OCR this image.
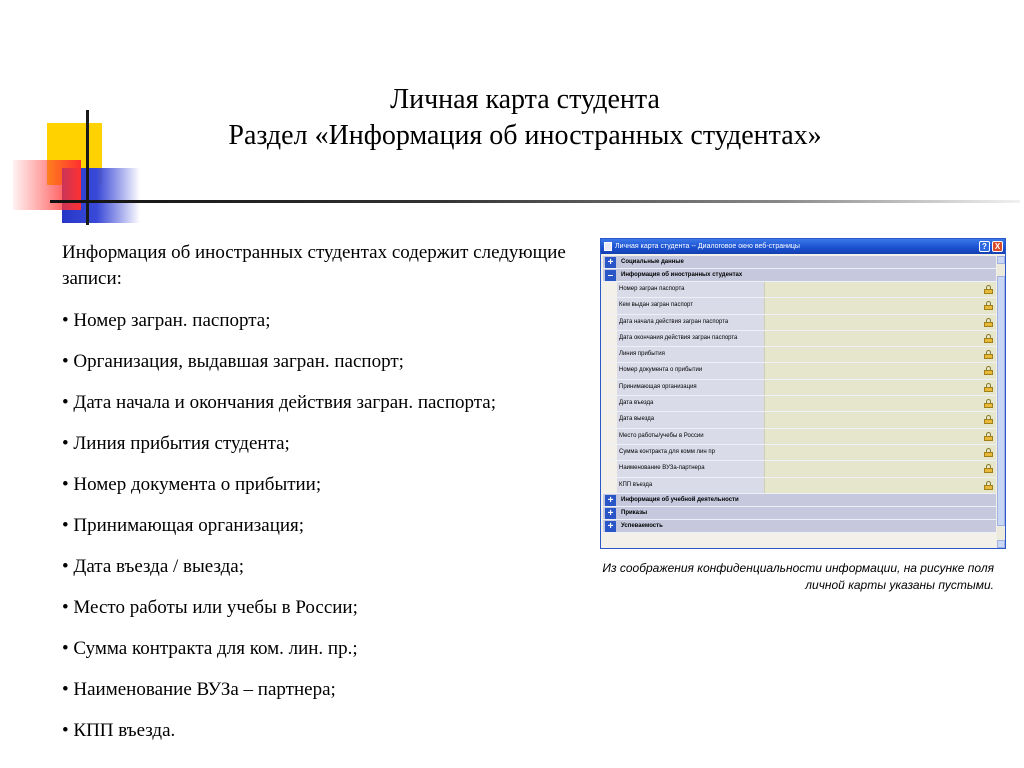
Личная карта студента
Раздел «Информация об иностранных студентах»
Информация об иностранных студентах содержит следующие записи:
• Номер загран. паспорта;
• Организация, выдавшая загран. паспорт;
• Дата начала и окончания действия загран. паспорта;
• Линия прибытия студента;
• Номер документа о прибытии;
• Принимающая организация;
• Дата въезда / выезда;
• Место работы или учебы в России;
• Сумма контракта для ком. лин. пр.;
• Наименование ВУЗа – партнера;
• КПП въезда.
Личная карта студента -- Диалоговое окно веб-страницы	? X
+	Социальные данные
–	Информация об иностранных студентах
Номер загран паспорта
Кем выдан загран паспорт
Дата начала действия загран паспорта
Дата окончания действия загран паспорта
Линия прибытия
Номер документа о прибытии
Принимающая организация
Дата въезда
Дата выезда
Место работы/учебы в России
Сумма контракта для комм лин пр
Наименование ВУЗа-партнера
КПП въезда
+	Информация об учебной деятельности
+	Приказы
+	Успеваемость
Из соображения конфиденциальности информации, на рисунке поля личной карты указаны пустыми.
